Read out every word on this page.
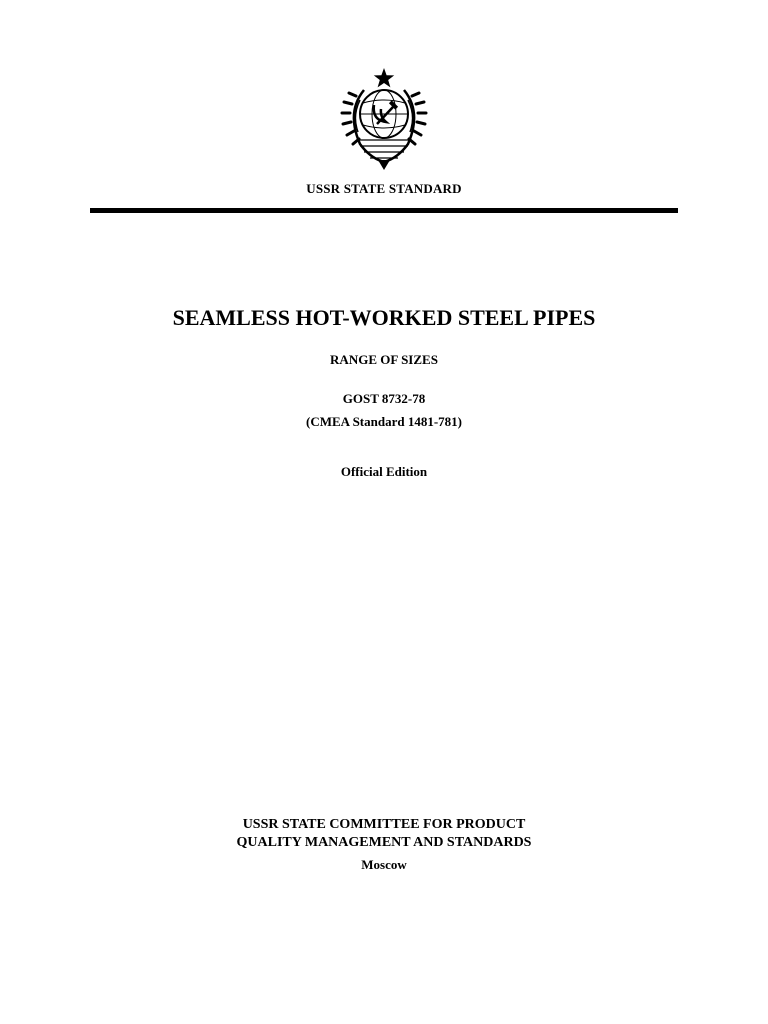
USSR STATE STANDARD
SEAMLESS HOT-WORKED STEEL PIPES
RANGE OF SIZES
GOST 8732-78
(CMEA Standard 1481-781)
Official Edition
USSR STATE COMMITTEE FOR PRODUCT
QUALITY MANAGEMENT AND STANDARDS
Moscow
